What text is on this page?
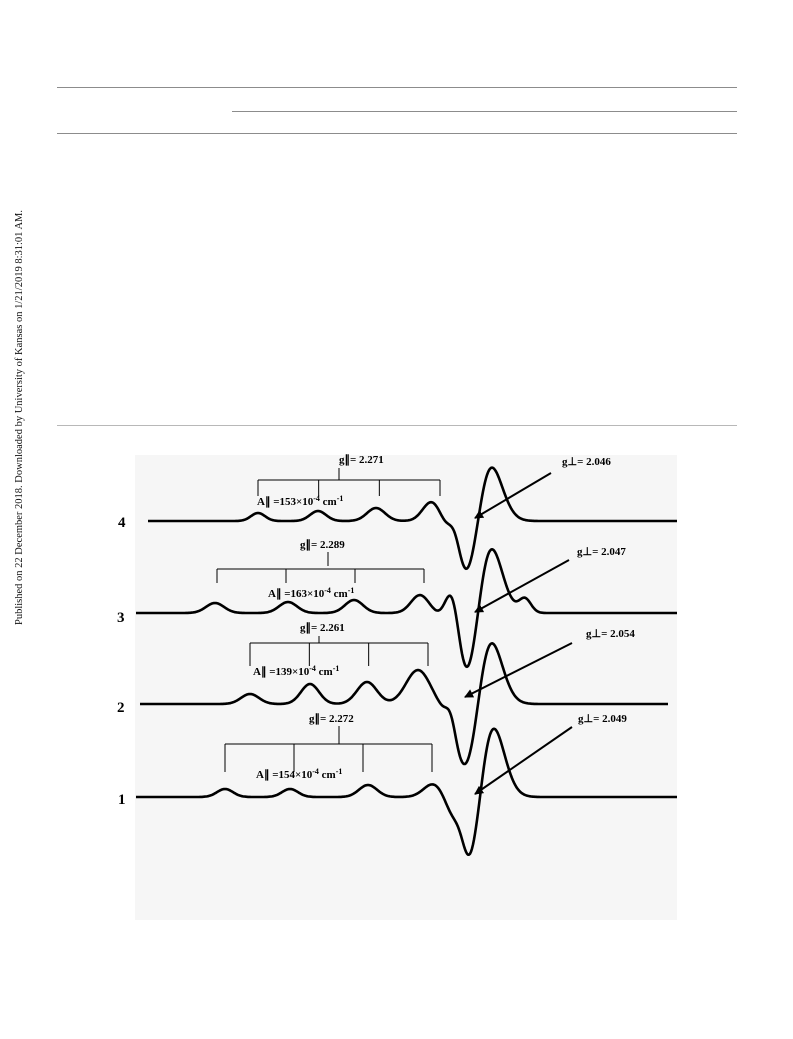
Published on 22 December 2018. Downloaded by University of Kansas on 1/21/2019 8:31:01 AM.	4
g∥= 2.271
A∥ $=153\times 10^{-4}$ $cm^{-1}$
g⊥= 2.046
3
g∥= 2.289
A∥ $=163\times 10^{-4}$ $cm^{-1}$
g⊥= 2.047
2
g∥= 2.261
A∥ $=139\times 10^{-4}$ $cm^{-1}$
g⊥= 2.054
1
g∥= 2.272
A∥ $=154\times 10^{-4}$ $cm^{-1}$
g⊥= 2.049
